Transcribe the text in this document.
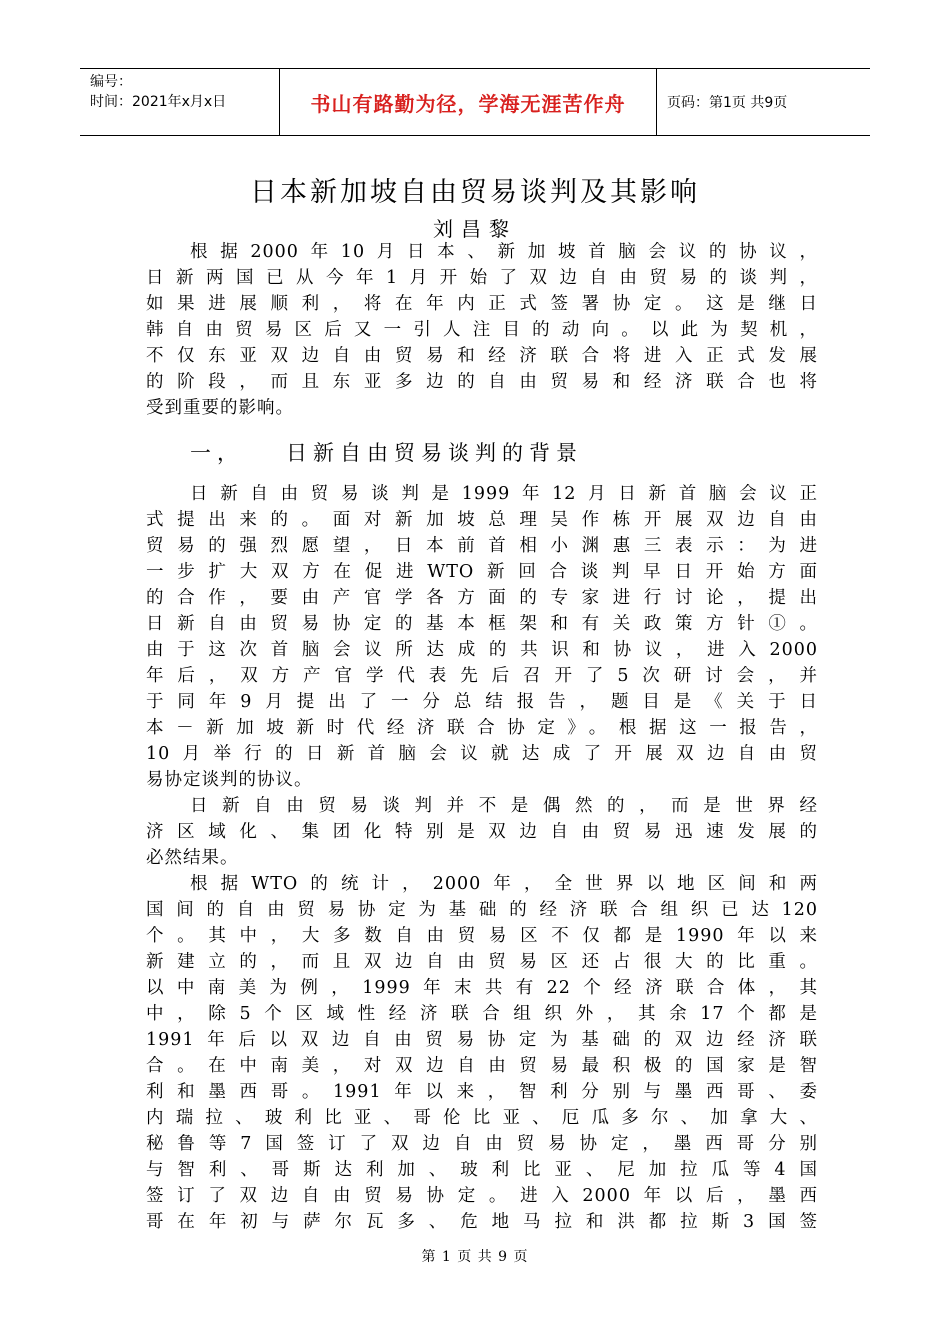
编号：
时间：2021年x月x日	书山有路勤为径，学海无涯苦作舟	页码：第1页 共9页
日本新加坡自由贸易谈判及其影响
刘昌黎
根据2000年10月日本、新加坡首脑会议的协议，
日新两国已从今年1月开始了双边自由贸易的谈判，
如果进展顺利，将在年内正式签署协定。这是继日
韩自由贸易区后又一引人注目的动向。以此为契机，
不仅东亚双边自由贸易和经济联合将进入正式发展
的阶段，而且东亚多边的自由贸易和经济联合也将
受到重要的影响。
一， 日新自由贸易谈判的背景
日新自由贸易谈判是1999年12月日新首脑会议正
式提出来的。面对新加坡总理吴作栋开展双边自由
贸易的强烈愿望，日本前首相小渊惠三表示：为进
一步扩大双方在促进WTO新回合谈判早日开始方面
的合作，要由产官学各方面的专家进行讨论，提出
日新自由贸易协定的基本框架和有关政策方针①。
由于这次首脑会议所达成的共识和协议，进入2000
年后，双方产官学代表先后召开了5次研讨会，并
于同年9月提出了一分总结报告，题目是《关于日
本－新加坡新时代经济联合协定》。根据这一报告，
10月举行的日新首脑会议就达成了开展双边自由贸
易协定谈判的协议。
日新自由贸易谈判并不是偶然的，而是世界经
济区域化、集团化特别是双边自由贸易迅速发展的
必然结果。
根据WTO的统计，2000年，全世界以地区间和两
国间的自由贸易协定为基础的经济联合组织已达120
个。其中，大多数自由贸易区不仅都是1990年以来
新建立的，而且双边自由贸易区还占很大的比重。
以中南美为例，1999年末共有22个经济联合体，其
中，除5个区域性经济联合组织外，其余17个都是
1991年后以双边自由贸易协定为基础的双边经济联
合。在中南美，对双边自由贸易最积极的国家是智
利和墨西哥。1991年以来，智利分别与墨西哥、委
内瑞拉、玻利比亚、哥伦比亚、厄瓜多尔、加拿大、
秘鲁等7国签订了双边自由贸易协定，墨西哥分别
与智利、哥斯达利加、玻利比亚、尼加拉瓜等4国
签订了双边自由贸易协定。进入2000年以后，墨西
哥在年初与萨尔瓦多、危地马拉和洪都拉斯3国签
第 1 页 共 9 页
